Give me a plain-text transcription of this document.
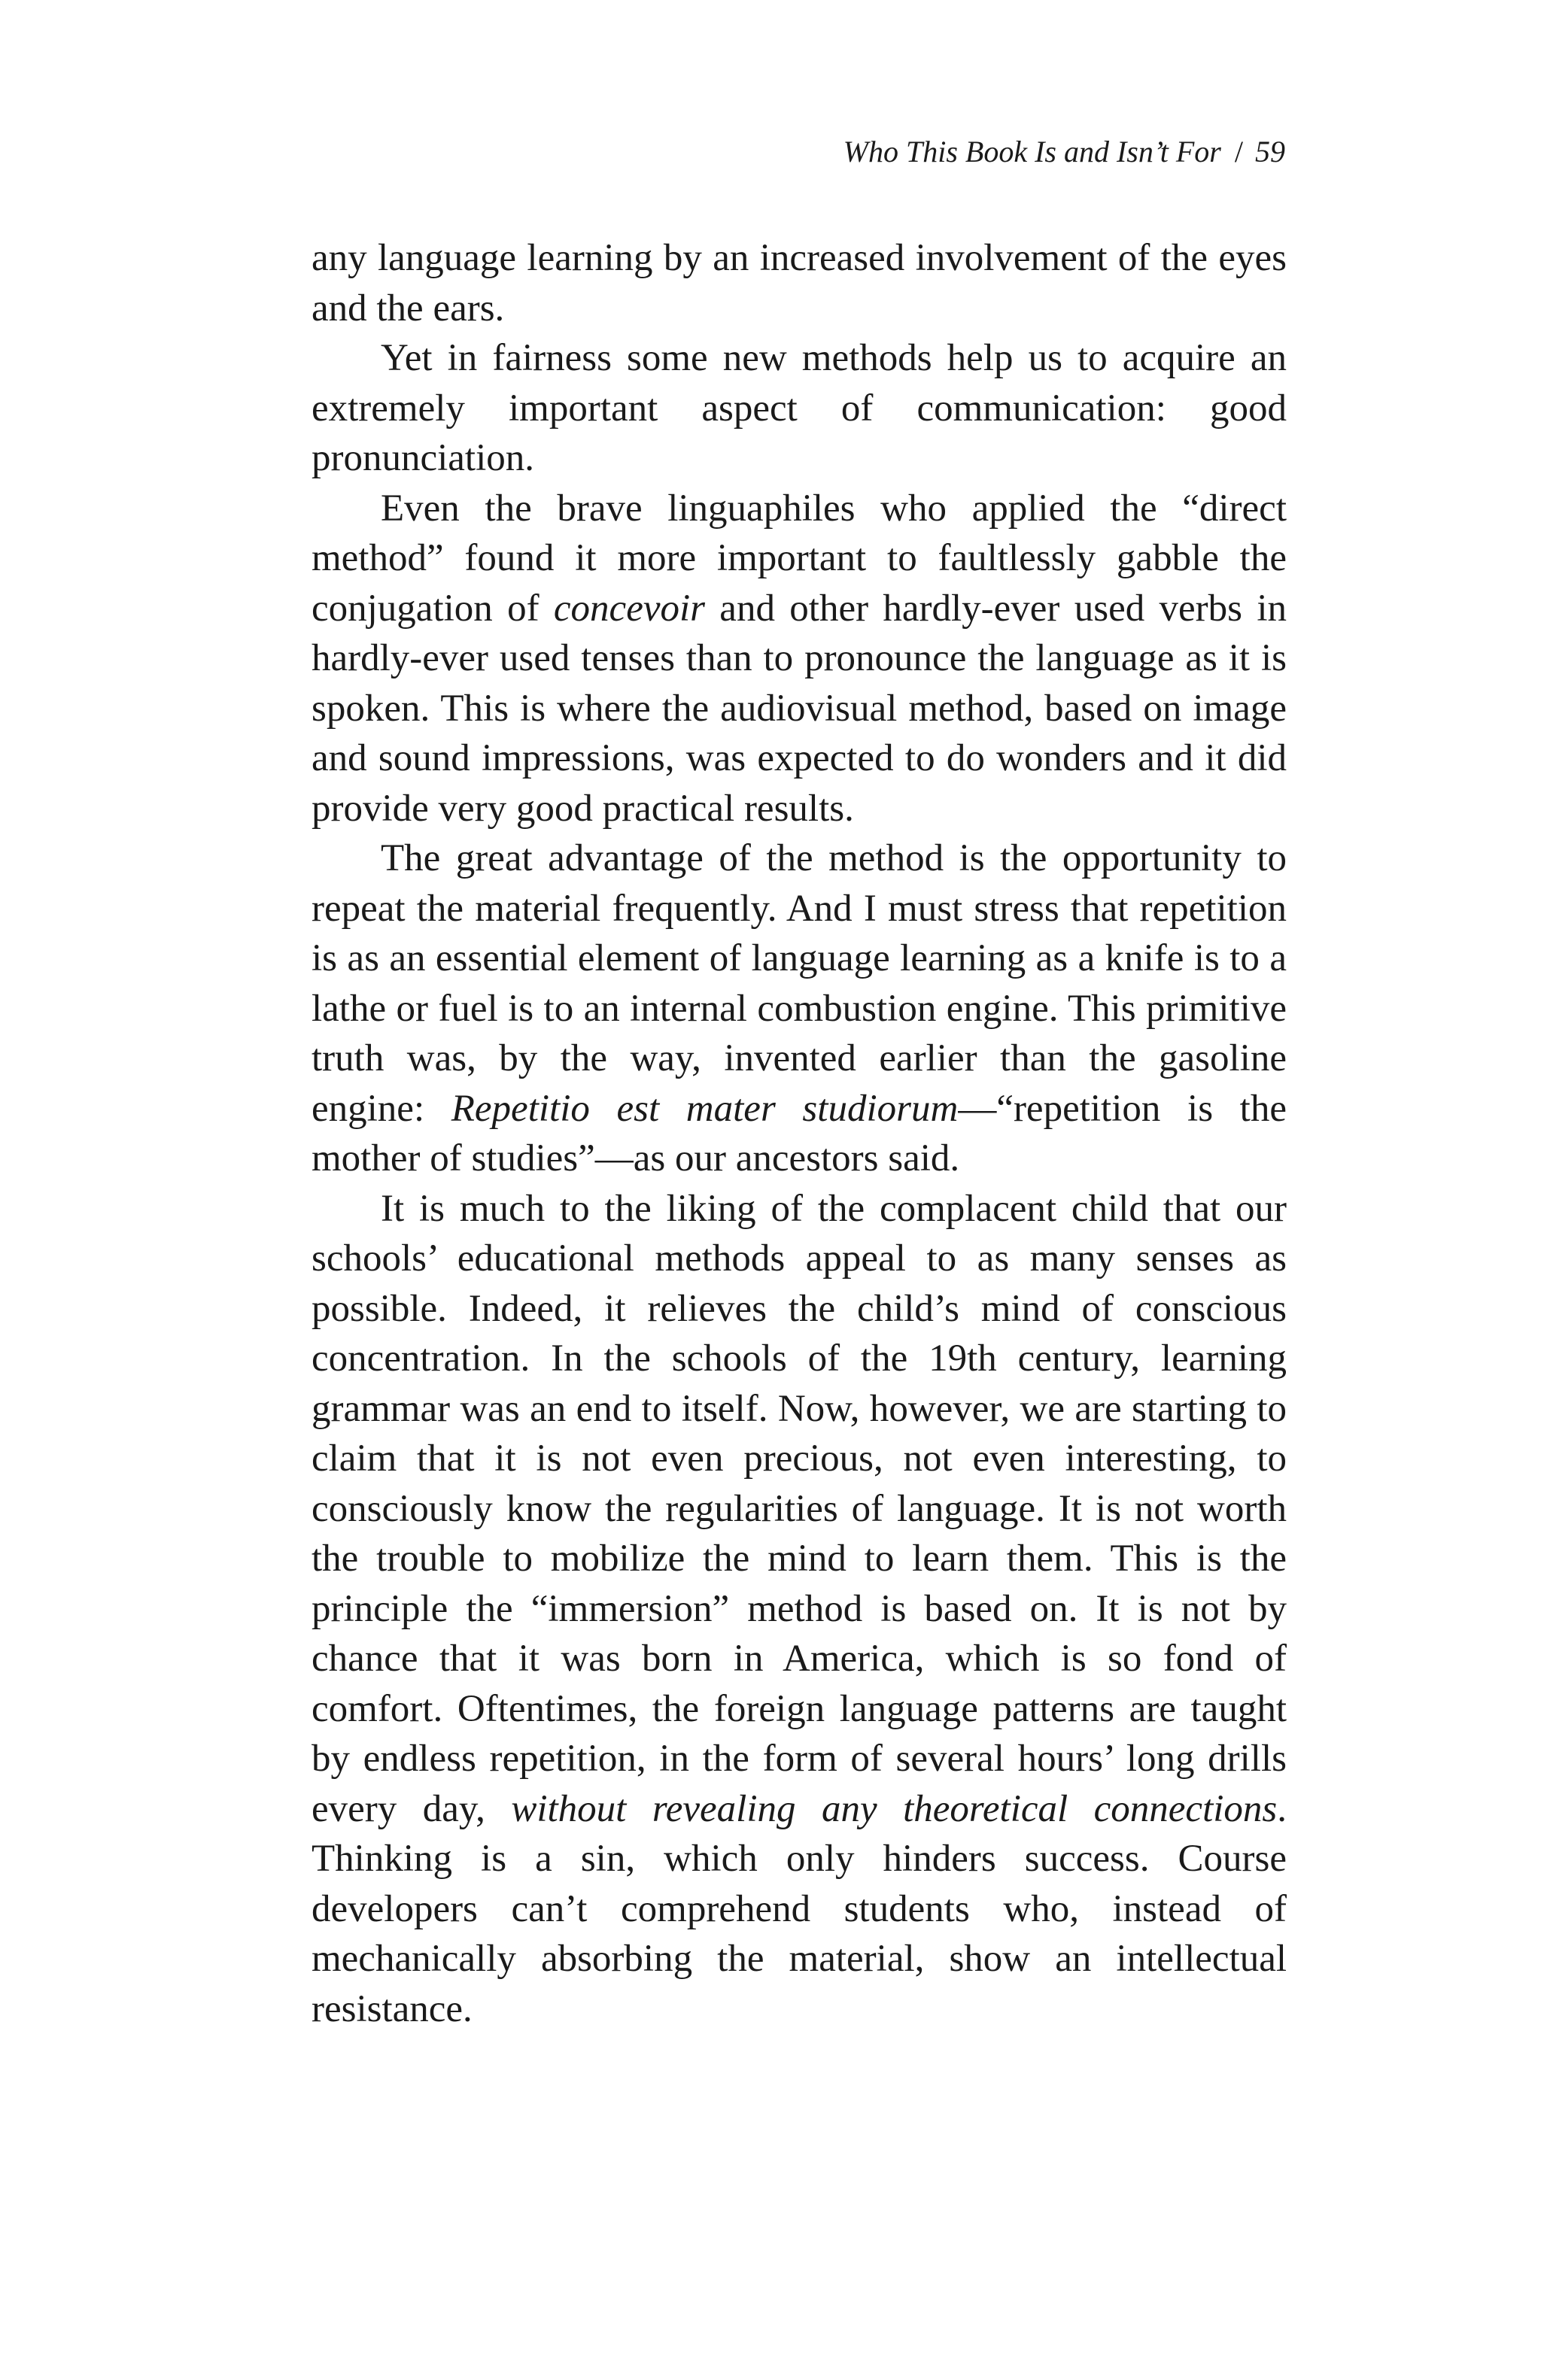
Who This Book Is and Isn’t For / 59

any language learning by an increased involvement of the eyes and the ears.

Yet in fairness some new methods help us to acquire an extremely important aspect of communication: good pronunciation.

Even the brave linguaphiles who applied the “direct method” found it more important to faultlessly gabble the conjugation of concevoir and other hardly-ever used verbs in hardly-ever used tenses than to pronounce the language as it is spoken. This is where the audiovisual method, based on image and sound impressions, was expected to do wonders and it did provide very good practical results.

The great advantage of the method is the opportunity to repeat the material frequently. And I must stress that repetition is as an essential element of language learning as a knife is to a lathe or fuel is to an internal combustion engine. This primitive truth was, by the way, invented earlier than the gasoline engine: Repetitio est mater studiorum—“repetition is the mother of studies”—as our ancestors said.

It is much to the liking of the complacent child that our schools’ educational methods appeal to as many senses as possible. Indeed, it relieves the child’s mind of conscious concentration. In the schools of the 19th century, learning grammar was an end to itself. Now, however, we are starting to claim that it is not even precious, not even interesting, to consciously know the regularities of language. It is not worth the trouble to mobilize the mind to learn them. This is the principle the “immersion” method is based on. It is not by chance that it was born in America, which is so fond of comfort. Oftentimes, the foreign language patterns are taught by endless repetition, in the form of several hours’ long drills every day, without revealing any theoretical connections. Thinking is a sin, which only hinders success. Course developers can’t comprehend students who, instead of mechanically absorbing the material, show an intellectual resistance.
